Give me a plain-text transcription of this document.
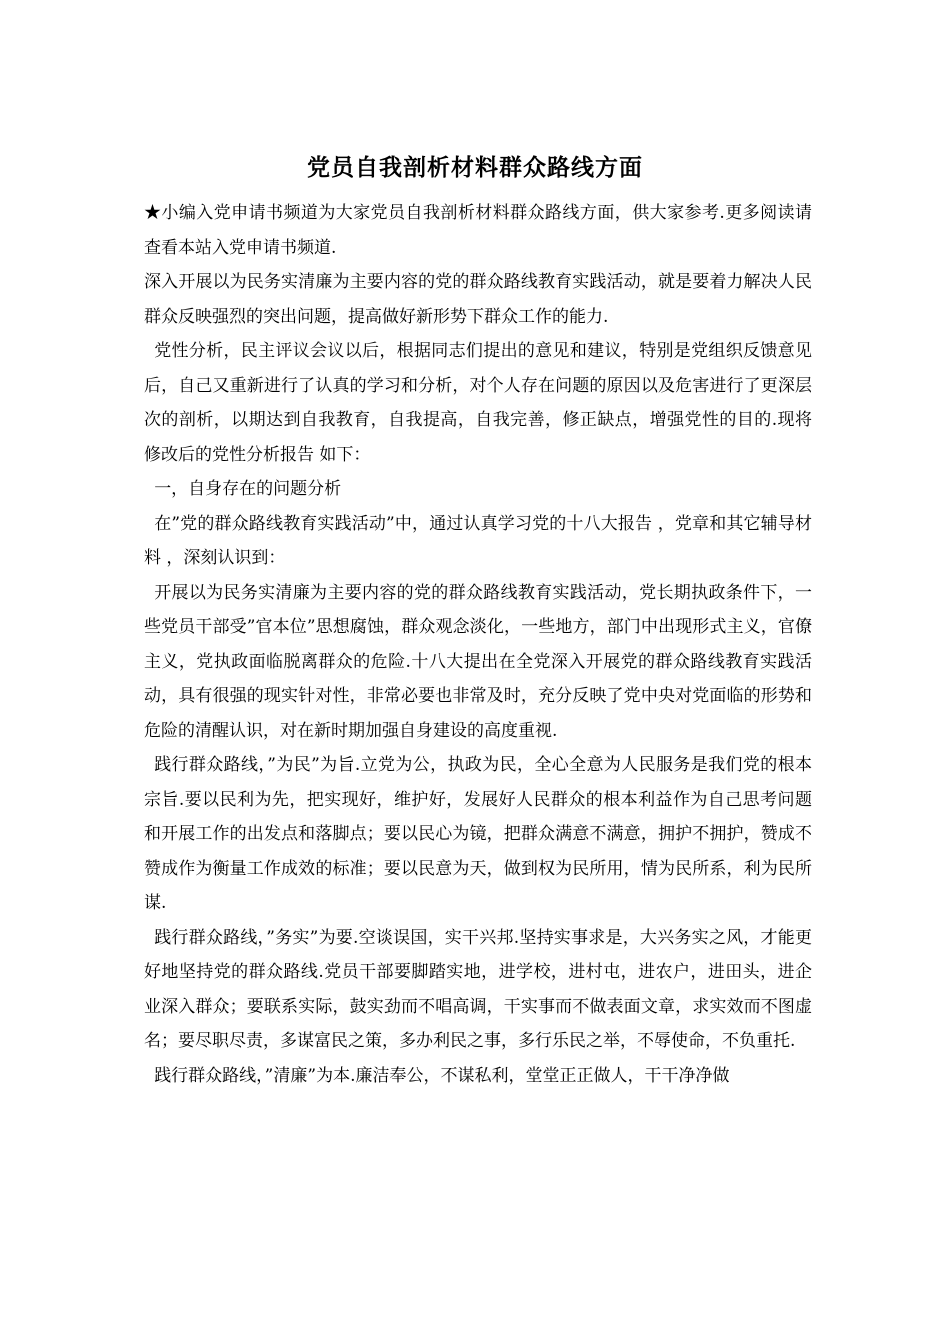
党员自我剖析材料群众路线方面

★小编入党申请书频道为大家党员自我剖析材料群众路线方面，供大家参考.更多阅读请查看本站入党申请书频道.

深入开展以为民务实清廉为主要内容的党的群众路线教育实践活动，就是要着力解决人民群众反映强烈的突出问题，提高做好新形势下群众工作的能力.

党性分析，民主评议会议以后，根据同志们提出的意见和建议，特别是党组织反馈意见后，自己又重新进行了认真的学习和分析，对个人存在问题的原因以及危害进行了更深层次的剖析，以期达到自我教育，自我提高，自我完善，修正缺点，增强党性的目的.现将修改后的党性分析报告 如下：

一，自身存在的问题分析

在”党的群众路线教育实践活动”中，通过认真学习党的十八大报告 ，党章和其它辅导材料 ，深刻认识到：

开展以为民务实清廉为主要内容的党的群众路线教育实践活动，党长期执政条件下，一些党员干部受”官本位”思想腐蚀，群众观念淡化，一些地方，部门中出现形式主义，官僚主义，党执政面临脱离群众的危险.十八大提出在全党深入开展党的群众路线教育实践活动，具有很强的现实针对性，非常必要也非常及时，充分反映了党中央对党面临的形势和危险的清醒认识，对在新时期加强自身建设的高度重视.

践行群众路线，”为民”为旨.立党为公，执政为民，全心全意为人民服务是我们党的根本宗旨.要以民利为先，把实现好，维护好，发展好人民群众的根本利益作为自己思考问题和开展工作的出发点和落脚点；要以民心为镜，把群众满意不满意，拥护不拥护，赞成不赞成作为衡量工作成效的标准；要以民意为天，做到权为民所用，情为民所系，利为民所谋.

践行群众路线，”务实”为要.空谈误国，实干兴邦.坚持实事求是，大兴务实之风，才能更好地坚持党的群众路线.党员干部要脚踏实地，进学校，进村屯，进农户，进田头，进企业深入群众；要联系实际，鼓实劲而不唱高调，干实事而不做表面文章，求实效而不图虚名；要尽职尽责，多谋富民之策，多办利民之事，多行乐民之举，不辱使命，不负重托.

践行群众路线，”清廉”为本.廉洁奉公，不谋私利，堂堂正正做人，干干净净做
